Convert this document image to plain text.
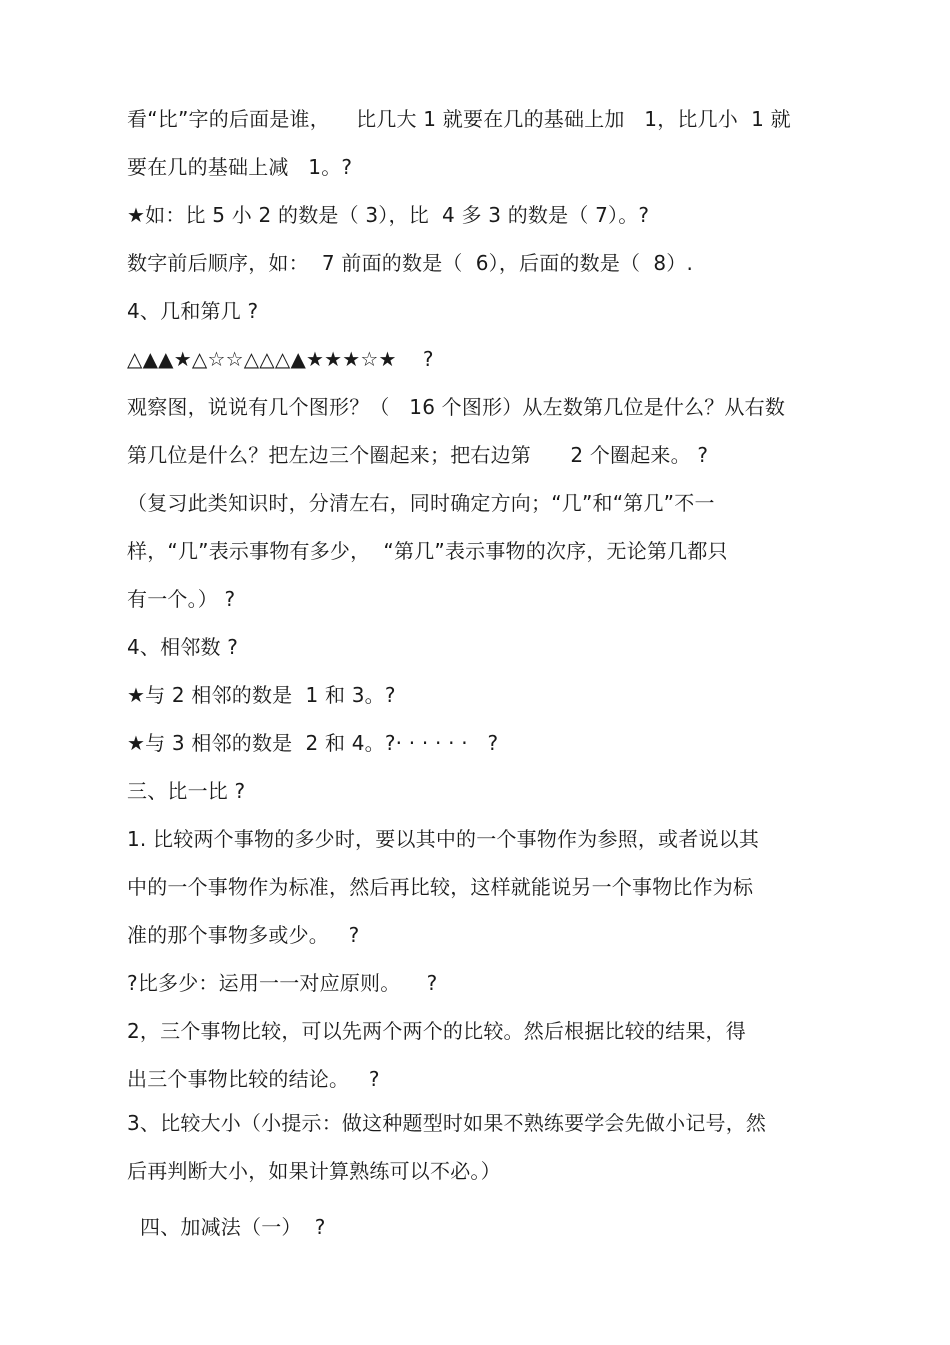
看“比”字的后面是谁，    比几大 1 就要在几的基础上加   1，比几小  1 就
要在几的基础上减   1。?
★如：比 5 小 2 的数是（ 3），比  4 多 3 的数是（ 7）。?
数字前后顺序，如：  7 前面的数是（  6），后面的数是（  8）.
4、几和第几 ?
△▲▲★△☆☆△△△▲★★★☆★    ?
观察图，说说有几个图形？（   16 个图形）从左数第几位是什么？从右数
第几位是什么？把左边三个圈起来；把右边第      2 个圈起来。 ?
（复习此类知识时，分清左右，同时确定方向；“几”和“第几”不一
样，“几”表示事物有多少，  “第几”表示事物的次序，无论第几都只
有一个。） ?
4、相邻数 ?
★与 2 相邻的数是  1 和 3。?
★与 3 相邻的数是  2 和 4。?· · · · · ·   ?
三、比一比 ?
1. 比较两个事物的多少时，要以其中的一个事物作为参照，或者说以其
中的一个事物作为标准，然后再比较，这样就能说另一个事物比作为标
准的那个事物多或少。   ?
?比多少：运用一一对应原则。    ?
2，三个事物比较，可以先两个两个的比较。然后根据比较的结果，得
出三个事物比较的结论。   ?
3、比较大小（小提示：做这种题型时如果不熟练要学会先做小记号，然
后再判断大小，如果计算熟练可以不必。）
四、加减法（一）  ?
